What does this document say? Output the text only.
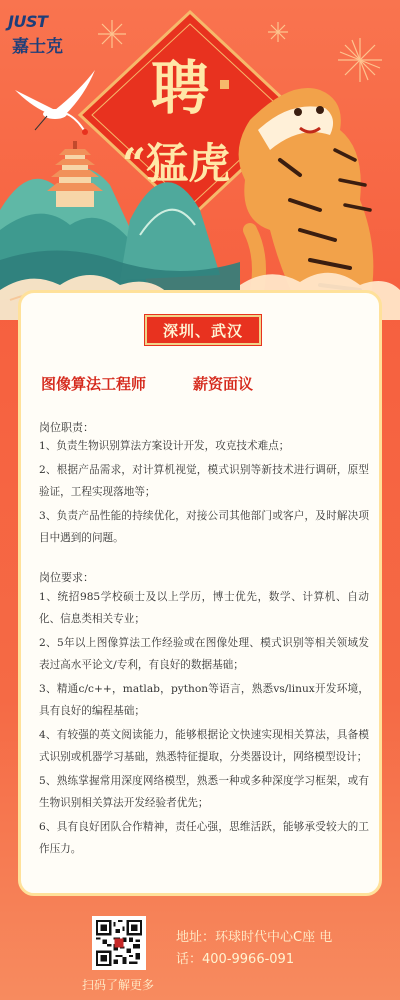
聘
“猛虎
JUST
嘉士克
深圳、武汉
图像算法工程师	薪资面议
岗位职责：
1、负责生物识别算法方案设计开发，攻克技术难点；
2、根据产品需求，对计算机视觉，模式识别等新技术进行调研，原型验证，工程实现落地等；
3、负责产品性能的持续优化，对接公司其他部门或客户，及时解决项目中遇到的问题。
岗位要求：
1、统招985学校硕士及以上学历，博士优先，数学、计算机、自动化、信息类相关专业；
2、5年以上图像算法工作经验或在图像处理、模式识别等相关领域发表过高水平论文/专利，有良好的数据基础；
3、精通c/c++，matlab，python等语言，熟悉vs/linux开发环境，具有良好的编程基础；
4、有较强的英文阅读能力，能够根据论文快速实现相关算法，具备模式识别或机器学习基础，熟悉特征提取，分类器设计，网络模型设计；
5、熟练掌握常用深度网络模型，熟悉一种或多种深度学习框架，或有生物识别相关算法开发经验者优先；
6、具有良好团队合作精神，责任心强，思维活跃，能够承受较大的工作压力。
扫码了解更多
地址：环球时代中心C座 电
话：400-9966-091
